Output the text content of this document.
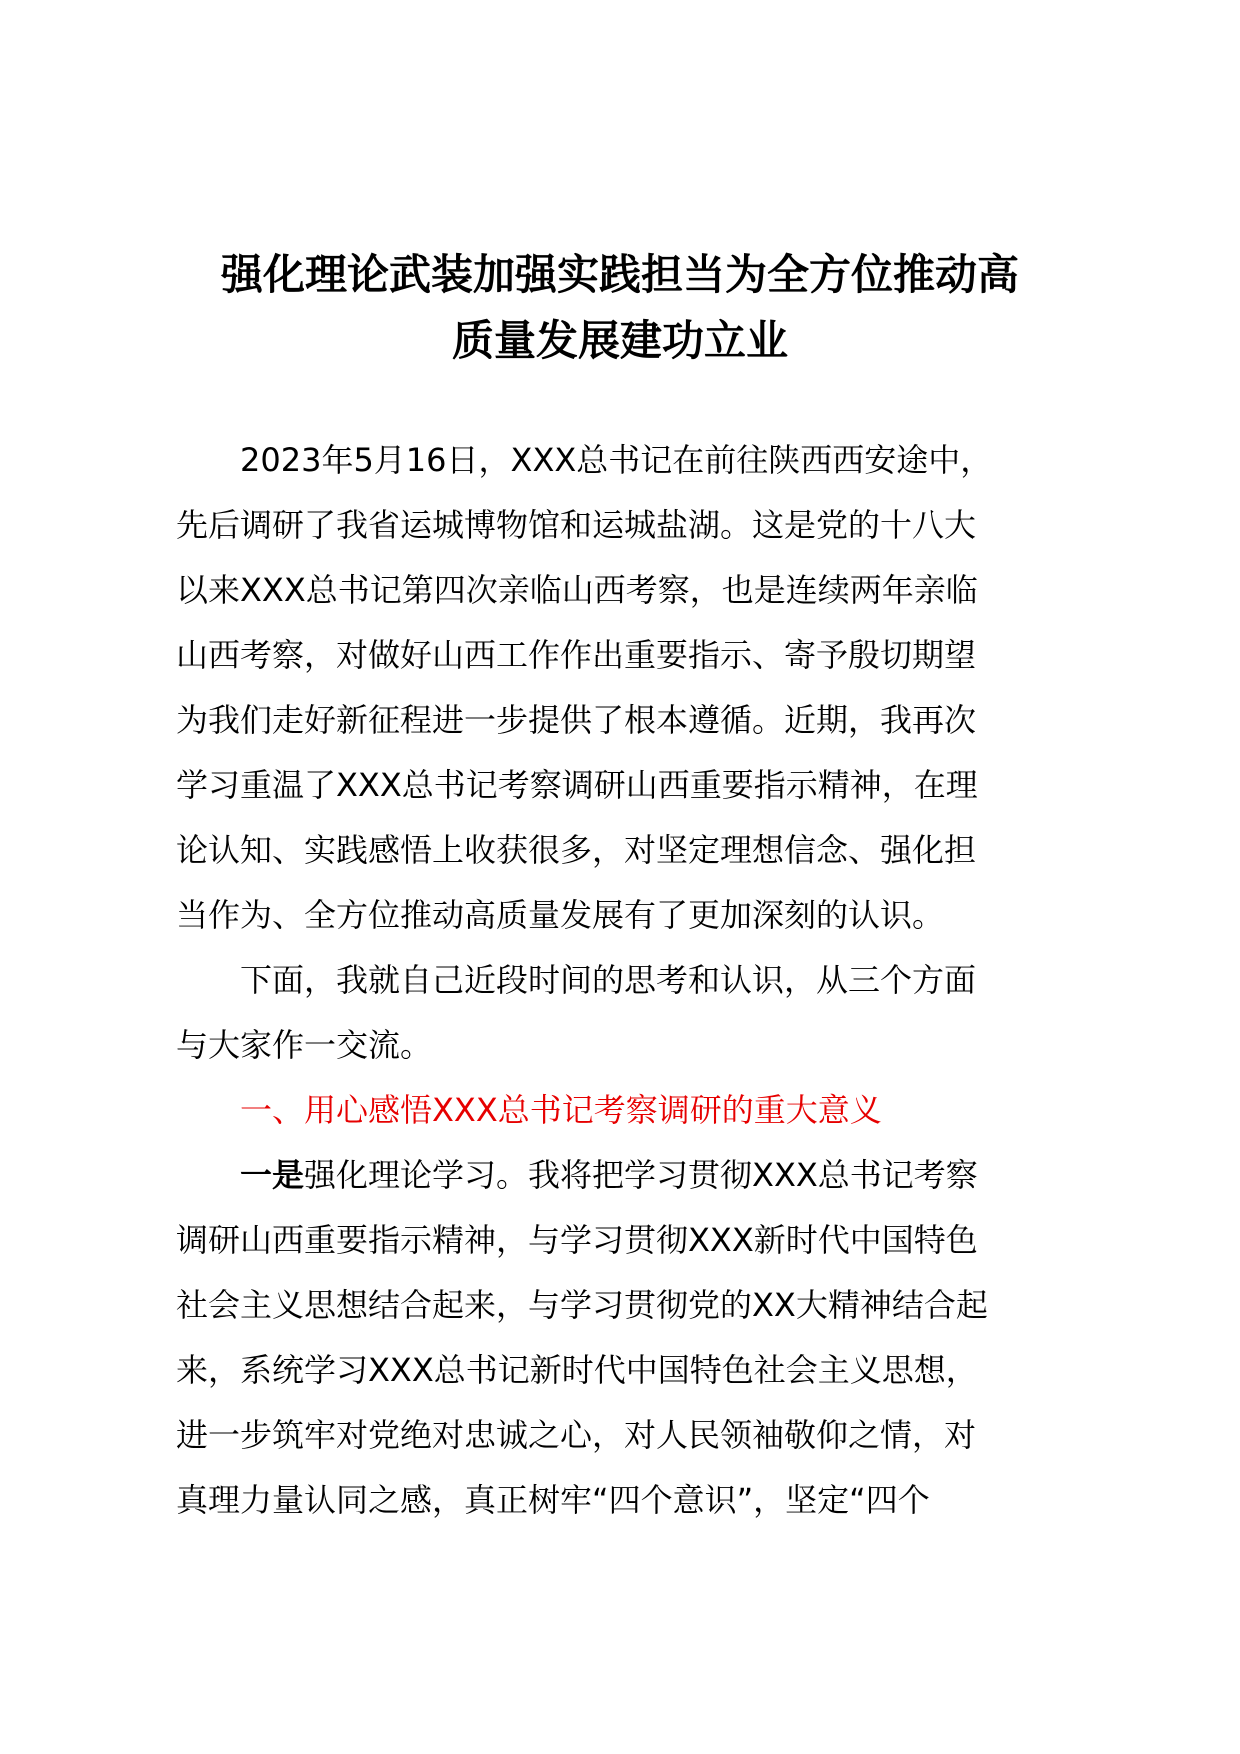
强化理论武装加强实践担当为全方位推动高
质量发展建功立业
2023年5月16日，XXX总书记在前往陕西西安途中，
先后调研了我省运城博物馆和运城盐湖。这是党的十八大
以来XXX总书记第四次亲临山西考察，也是连续两年亲临
山西考察，对做好山西工作作出重要指示、寄予殷切期望
为我们走好新征程进一步提供了根本遵循。近期，我再次
学习重温了XXX总书记考察调研山西重要指示精神，在理
论认知、实践感悟上收获很多，对坚定理想信念、强化担
当作为、全方位推动高质量发展有了更加深刻的认识。
下面，我就自己近段时间的思考和认识，从三个方面
与大家作一交流。
一、用心感悟XXX总书记考察调研的重大意义
一是强化理论学习。我将把学习贯彻XXX总书记考察
调研山西重要指示精神，与学习贯彻XXX新时代中国特色
社会主义思想结合起来，与学习贯彻党的XX大精神结合起
来，系统学习XXX总书记新时代中国特色社会主义思想，
进一步筑牢对党绝对忠诚之心，对人民领袖敬仰之情，对
真理力量认同之感，真正树牢“四个意识”，坚定“四个
